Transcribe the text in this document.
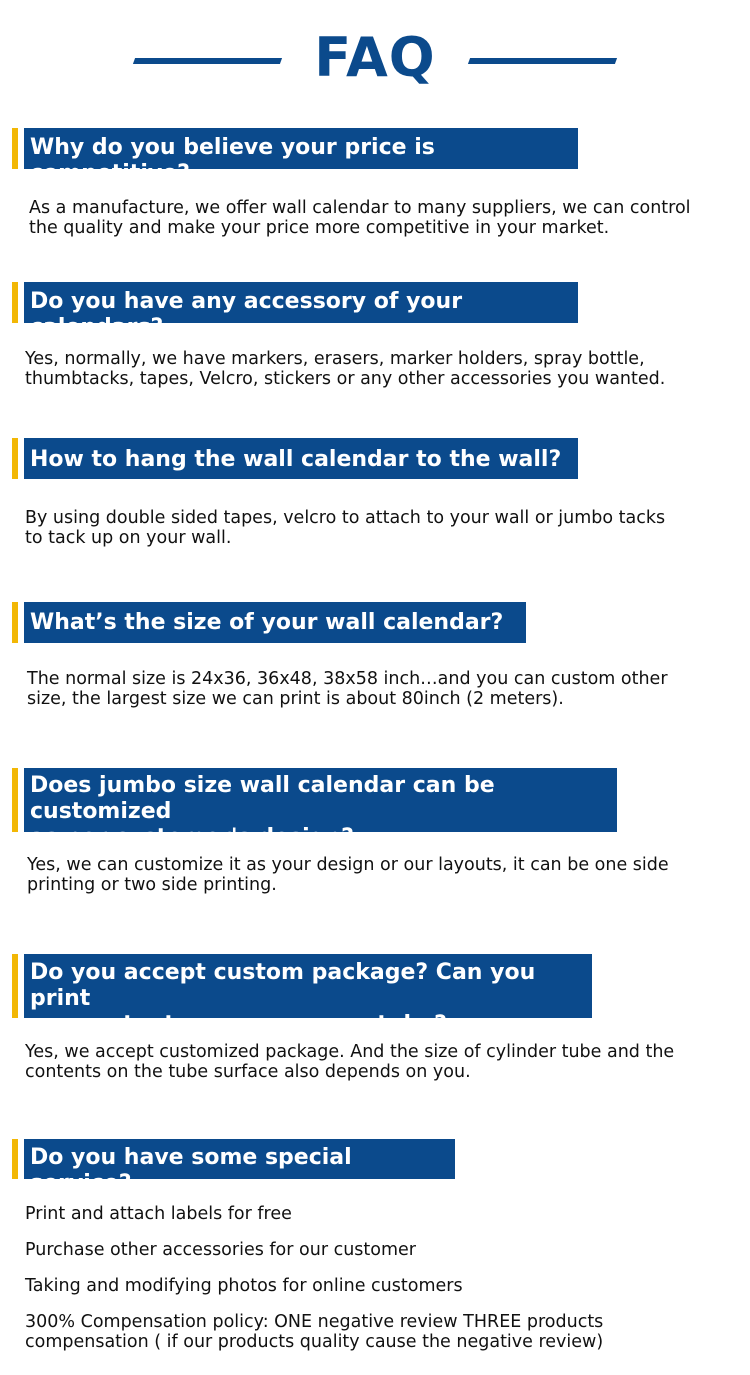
FAQ
Why do you believe your price is competitive?
As a manufacture, we offer wall calendar to many suppliers, we can control
the quality and make your price more competitive in your market.
Do you have any accessory of your calendars?
Yes, normally, we have markers, erasers, marker holders, spray bottle,
thumbtacks, tapes, Velcro, stickers or any other accessories you wanted.
How to hang the wall calendar to the wall?
By using double sided tapes, velcro to attach to your wall or jumbo tacks
to tack up on your wall.
What’s the size of your wall calendar?
The normal size is 24x36, 36x48, 38x58 inch…and you can custom other
size, the largest size we can print is about 80inch (2 meters).
Does jumbo size wall calendar can be customized
as per customer's design?
Yes, we can customize it as your design or our layouts, it can be one side
printing or two side printing.
Do you accept custom package? Can you print
our contents on your paper tube?
Yes, we accept customized package. And the size of cylinder tube and the
contents on the tube surface also depends on you.
Do you have some special service?
Print and attach labels for free
Purchase other accessories for our customer
Taking and modifying photos for online customers
300% Compensation policy: ONE negative review THREE products
compensation ( if our products quality cause the negative review)
